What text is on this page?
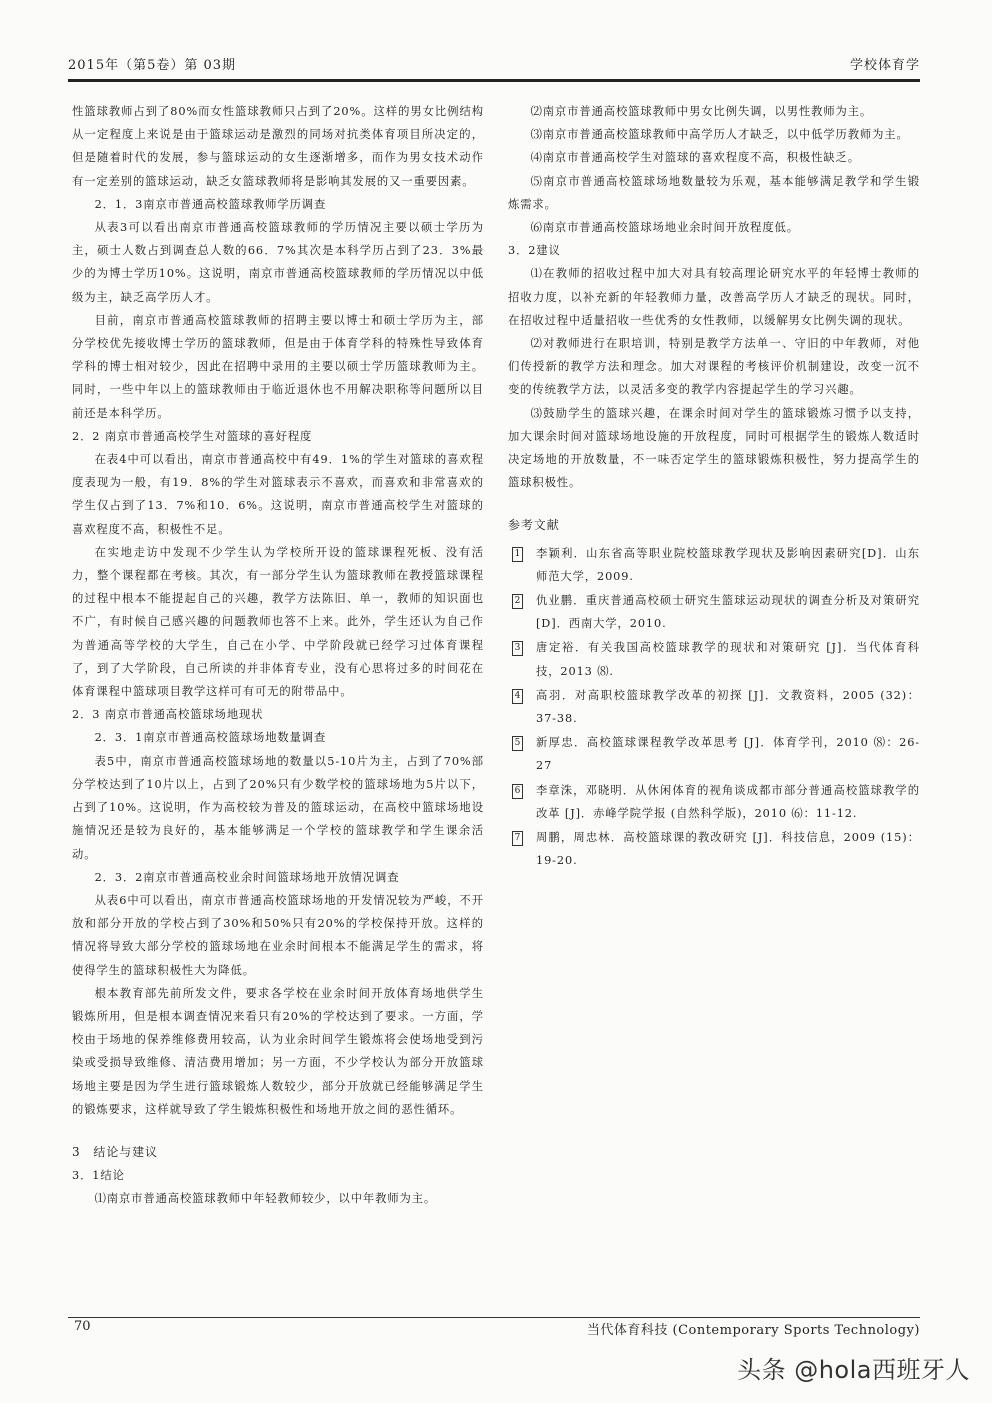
2015年（第5卷）第 03期	学校体育学

性篮球教师占到了80%而女性篮球教师只占到了20%。这样的男女比例结构从一定程度上来说是由于篮球运动是激烈的同场对抗类体育项目所决定的，但是随着时代的发展，参与篮球运动的女生逐渐增多，而作为男女技术动作有一定差别的篮球运动，缺乏女篮球教师将是影响其发展的又一重要因素。

2．1．3南京市普通高校篮球教师学历调查

从表3可以看出南京市普通高校篮球教师的学历情况主要以硕士学历为主，硕士人数占到调查总人数的66．7%其次是本科学历占到了23．3%最少的为博士学历10%。这说明，南京市普通高校篮球教师的学历情况以中低级为主，缺乏高学历人才。

目前，南京市普通高校篮球教师的招聘主要以博士和硕士学历为主，部分学校优先接收博士学历的篮球教师，但是由于体育学科的特殊性导致体育学科的博士相对较少，因此在招聘中录用的主要以硕士学历篮球教师为主。同时，一些中年以上的篮球教师由于临近退休也不用解决职称等问题所以目前还是本科学历。

2．2 南京市普通高校学生对篮球的喜好程度

在表4中可以看出，南京市普通高校中有49．1%的学生对篮球的喜欢程度表现为一般，有19．8%的学生对篮球表示不喜欢，而喜欢和非常喜欢的学生仅占到了13．7%和10．6%。这说明，南京市普通高校学生对篮球的喜欢程度不高，积极性不足。

在实地走访中发现不少学生认为学校所开设的篮球课程死板、没有活力，整个课程都在考核。其次，有一部分学生认为篮球教师在教授篮球课程的过程中根本不能提起自己的兴趣，教学方法陈旧、单一，教师的知识面也不广，有时候自己感兴趣的问题教师也答不上来。此外，学生还认为自己作为普通高等学校的大学生，自己在小学、中学阶段就已经学习过体育课程了，到了大学阶段，自己所读的并非体育专业，没有心思将过多的时间花在体育课程中篮球项目教学这样可有可无的附带品中。

2．3 南京市普通高校篮球场地现状

2．3．1南京市普通高校篮球场地数量调查

表5中，南京市普通高校篮球场地的数量以5-10片为主，占到了70%部分学校达到了10片以上，占到了20%只有少数学校的篮球场地为5片以下，占到了10%。这说明，作为高校较为普及的篮球运动，在高校中篮球场地设施情况还是较为良好的，基本能够满足一个学校的篮球教学和学生课余活动。

2．3．2南京市普通高校业余时间篮球场地开放情况调查

从表6中可以看出，南京市普通高校篮球场地的开发情况较为严峻，不开放和部分开放的学校占到了30%和50%只有20%的学校保持开放。这样的情况将导致大部分学校的篮球场地在业余时间根本不能满足学生的需求，将使得学生的篮球积极性大为降低。

根本教育部先前所发文件，要求各学校在业余时间开放体育场地供学生锻炼所用，但是根本调查情况来看只有20%的学校达到了要求。一方面，学校由于场地的保养维修费用较高，认为业余时间学生锻炼将会使场地受到污染或受损导致维修、清洁费用增加；另一方面，不少学校认为部分开放篮球场地主要是因为学生进行篮球锻炼人数较少，部分开放就已经能够满足学生的锻炼要求，这样就导致了学生锻炼积极性和场地开放之间的恶性循环。

3　结论与建议

3．1结论

⑴南京市普通高校篮球教师中年轻教师较少，以中年教师为主。

⑵南京市普通高校篮球教师中男女比例失调，以男性教师为主。

⑶南京市普通高校篮球教师中高学历人才缺乏，以中低学历教师为主。

⑷南京市普通高校学生对篮球的喜欢程度不高，积极性缺乏。

⑸南京市普通高校篮球场地数量较为乐观，基本能够满足教学和学生锻炼需求。

⑹南京市普通高校篮球场地业余时间开放程度低。

3．2建议

⑴在教师的招收过程中加大对具有较高理论研究水平的年轻博士教师的招收力度，以补充新的年轻教师力量，改善高学历人才缺乏的现状。同时，在招收过程中适量招收一些优秀的女性教师，以缓解男女比例失调的现状。

⑵对教师进行在职培训，特别是教学方法单一、守旧的中年教师，对他们传授新的教学方法和理念。加大对课程的考核评价机制建设，改变一沉不变的传统教学方法，以灵活多变的教学内容提起学生的学习兴趣。

⑶鼓励学生的篮球兴趣，在课余时间对学生的篮球锻炼习惯予以支持，加大课余时间对篮球场地设施的开放程度，同时可根据学生的锻炼人数适时决定场地的开放数量，不一味否定学生的篮球锻炼积极性，努力提高学生的篮球积极性。

参考文献

1 李颖利．山东省高等职业院校篮球教学现状及影响因素研究[D]．山东师范大学，2009.

2 仇业鹏．重庆普通高校硕士研究生篮球运动现状的调查分析及对策研究 [D]．西南大学，2010.

3 唐定裕．有关我国高校篮球教学的现状和对策研究 [J]．当代体育科技，2013 ⑻.

4 高羽．对高职校篮球教学改革的初探 [J]．文教资料，2005 (32)：37-38.

5 新厚忠．高校篮球课程教学改革思考 [J]．体育学刊，2010 ⑻：26-27

6 李章洙，邓晓明．从休闲体育的视角谈成都市部分普通高校篮球教学的改革 [J]．赤峰学院学报 (自然科学版)，2010 ⑹：11-12.

7 周鹏，周忠林．高校篮球课的教改研究 [J]．科技信息，2009 (15)：19-20.

70	当代体育科技 (Contemporary Sports Technology)
头条 @hola西班牙人
